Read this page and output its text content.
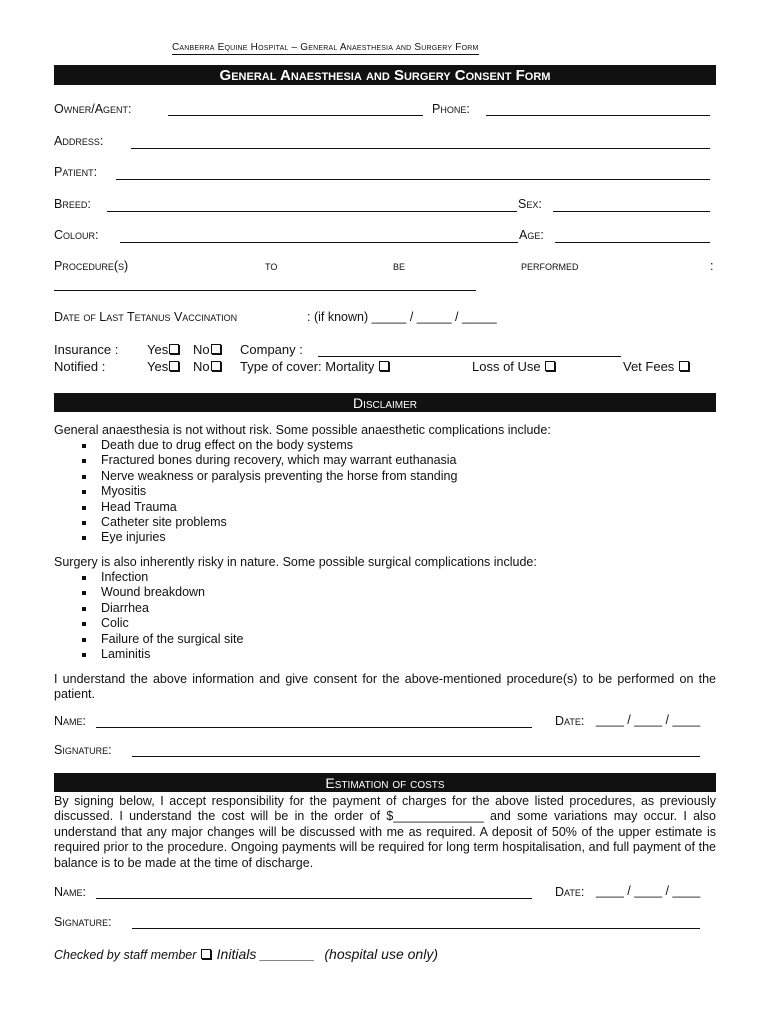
Canberra Equine Hospital – General Anaesthesia and Surgery Form
General Anaesthesia and Surgery Consent Form
Owner/Agent:	Phone:
Address:
Patient:
Breed:	Sex:
Colour:	Age:
Procedure(s)	to	be	performed	:
Date of Last Tetanus Vaccination	: (if known) _____ / _____ / _____
Insurance : Yes	No	Company :
Notified :	Yes	No	Type of cover: Mortality	Loss of Use	Vet Fees
Disclaimer
General anaesthesia is not without risk. Some possible anaesthetic complications include:
Death due to drug effect on the body systems
Fractured bones during recovery, which may warrant euthanasia
Nerve weakness or paralysis preventing the horse from standing
Myositis
Head Trauma
Catheter site problems
Eye injuries
Surgery is also inherently risky in nature. Some possible surgical complications include:
Infection
Wound breakdown
Diarrhea
Colic
Failure of the surgical site
Laminitis
I understand the above information and give consent for the above-mentioned procedure(s) to be performed on the patient.
Name:	Date: ____ / ____ / ____
Signature:
Estimation of costs
By signing below, I accept responsibility for the payment of charges for the above listed procedures, as previously discussed. I understand the cost will be in the order of $_____________ and some variations may occur. I also understand that any major changes will be discussed with me as required. A deposit of 50% of the upper estimate is required prior to the procedure. Ongoing payments will be required for long term hospitalisation, and full payment of the balance is to be made at the time of discharge.
Name:	Date: ____ / ____ / ____
Signature:
Checked by staff member Initials _______ (hospital use only)
